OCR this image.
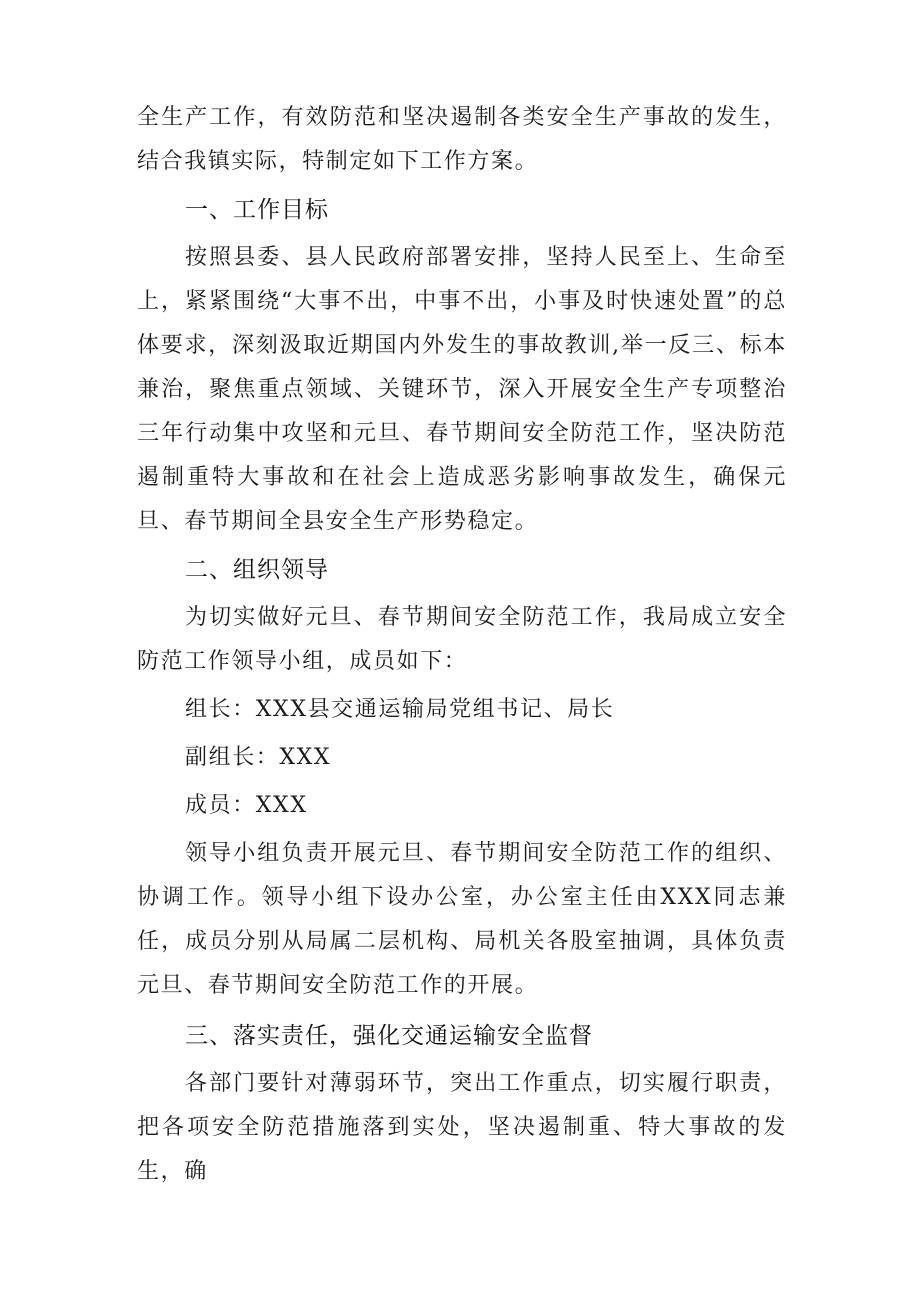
全生产工作，有效防范和坚决遏制各类安全生产事故的发生，结合我镇实际，特制定如下工作方案。

一、工作目标

按照县委、县人民政府部署安排，坚持人民至上、生命至上，紧紧围绕“大事不出，中事不出，小事及时快速处置”的总体要求，深刻汲取近期国内外发生的事故教训,举一反三、标本兼治，聚焦重点领域、关键环节，深入开展安全生产专项整治三年行动集中攻坚和元旦、春节期间安全防范工作，坚决防范遏制重特大事故和在社会上造成恶劣影响事故发生，确保元旦、春节期间全县安全生产形势稳定。

二、组织领导

为切实做好元旦、春节期间安全防范工作，我局成立安全防范工作领导小组，成员如下：

组长：XXX县交通运输局党组书记、局长

副组长：XXX

成员：XXX

领导小组负责开展元旦、春节期间安全防范工作的组织、协调工作。领导小组下设办公室，办公室主任由XXX同志兼任，成员分别从局属二层机构、局机关各股室抽调，具体负责元旦、春节期间安全防范工作的开展。

三、落实责任，强化交通运输安全监督

各部门要针对薄弱环节，突出工作重点，切实履行职责，把各项安全防范措施落到实处，坚决遏制重、特大事故的发生，确
